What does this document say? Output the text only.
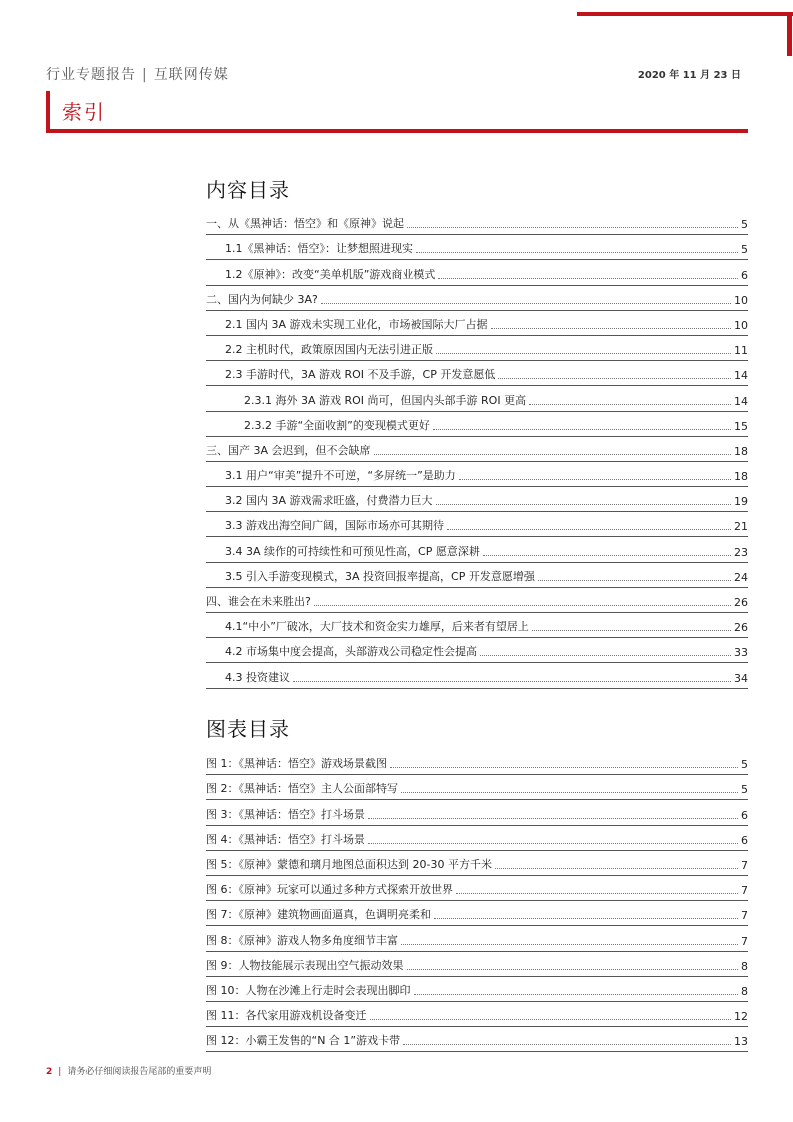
行业专题报告 | 互联网传媒	2020 年 11 月 23 日
索引
内容目录
一、从《黑神话：悟空》和《原神》说起	5
1.1《黑神话：悟空》：让梦想照进现实	5
1.2《原神》：改变“美单机版”游戏商业模式	6
二、国内为何缺少 3A?	10
2.1 国内 3A 游戏未实现工业化，市场被国际大厂占据	10
2.2 主机时代，政策原因国内无法引进正版	11
2.3 手游时代，3A 游戏 ROI 不及手游，CP 开发意愿低	14
2.3.1 海外 3A 游戏 ROI 尚可，但国内头部手游 ROI 更高	14
2.3.2 手游“全面收割”的变现模式更好	15
三、国产 3A 会迟到，但不会缺席	18
3.1 用户“审美”提升不可逆，“多屏统一”是助力	18
3.2 国内 3A 游戏需求旺盛，付费潜力巨大	19
3.3 游戏出海空间广阔，国际市场亦可其期待	21
3.4 3A 续作的可持续性和可预见性高，CP 愿意深耕	23
3.5 引入手游变现模式，3A 投资回报率提高，CP 开发意愿增强	24
四、谁会在未来胜出?	26
4.1“中小”厂破冰，大厂技术和资金实力雄厚，后来者有望居上	26
4.2 市场集中度会提高，头部游戏公司稳定性会提高	33
4.3 投资建议	34
图表目录
图 1：《黑神话：悟空》游戏场景截图	5
图 2：《黑神话：悟空》主人公面部特写	5
图 3：《黑神话：悟空》打斗场景	6
图 4：《黑神话：悟空》打斗场景	6
图 5：《原神》蒙德和璃月地图总面积达到 20-30 平方千米	7
图 6：《原神》玩家可以通过多种方式探索开放世界	7
图 7：《原神》建筑物画面逼真，色调明亮柔和	7
图 8：《原神》游戏人物多角度细节丰富	7
图 9：人物技能展示表现出空气振动效果	8
图 10：人物在沙滩上行走时会表现出脚印	8
图 11：各代家用游戏机设备变迁	12
图 12：小霸王发售的“N 合 1”游戏卡带	13
2 | 请务必仔细阅读报告尾部的重要声明
